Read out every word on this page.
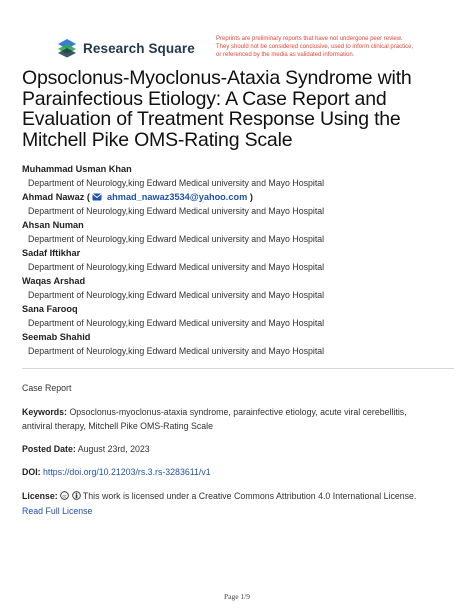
Research Square
Preprints are preliminary reports that have not undergone peer review.
They should not be considered conclusive, used to inform clinical practice,
or referenced by the media as validated information.
Opsoclonus-Myoclonus-Ataxia Syndrome with Parainfectious Etiology: A Case Report and Evaluation of Treatment Response Using the Mitchell Pike OMS-Rating Scale
Muhammad Usman Khan
Department of Neurology,king Edward Medical university and Mayo Hospital
Ahmad Nawaz ( ahmad_nawaz3534@yahoo.com )
Department of Neurology,king Edward Medical university and Mayo Hospital
Ahsan Numan
Department of Neurology,king Edward Medical university and Mayo Hospital
Sadaf Iftikhar
Department of Neurology,king Edward Medical university and Mayo Hospital
Waqas Arshad
Department of Neurology,king Edward Medical university and Mayo Hospital
Sana Farooq
Department of Neurology,king Edward Medical university and Mayo Hospital
Seemab Shahid
Department of Neurology,king Edward Medical university and Mayo Hospital
Case Report
Keywords: Opsoclonus-myoclonus-ataxia syndrome, parainfective etiology, acute viral cerebellitis,
antiviral therapy, Mitchell Pike OMS-Rating Scale
Posted Date: August 23rd, 2023
DOI: https://doi.org/10.21203/rs.3.rs-3283611/v1
License: cc This work is licensed under a Creative Commons Attribution 4.0 International License.
Read Full License
Page 1/9
